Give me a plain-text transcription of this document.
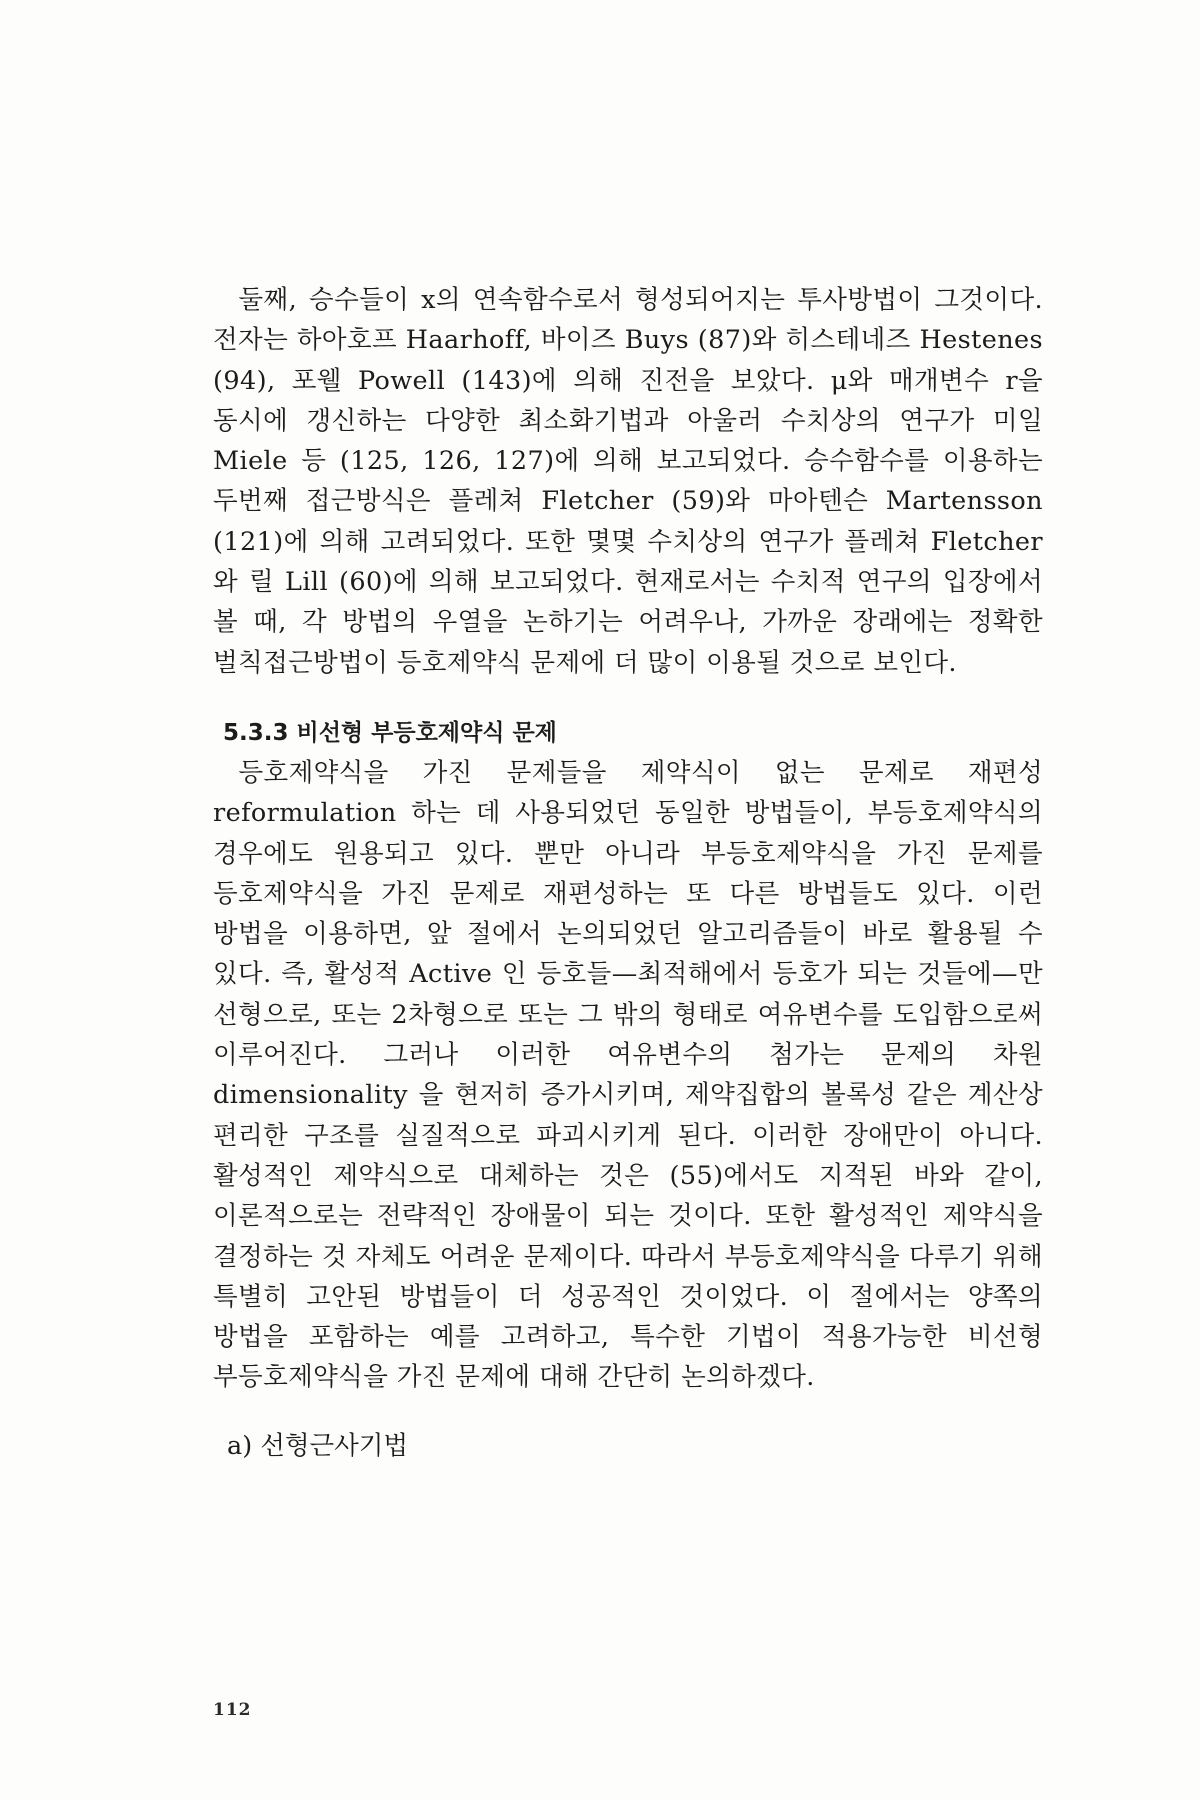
둘째, 승수들이 x의 연속함수로서 형성되어지는 투사방법이 그것이다. 전자는 하아호프 Haarhoff, 바이즈 Buys (87)와 히스테네즈 Hestenes (94), 포웰 Powell (143)에 의해 진전을 보았다. μ와 매개변수 r을 동시에 갱신하는 다양한 최소화기법과 아울러 수치상의 연구가 미일 Miele 등 (125, 126, 127)에 의해 보고되었다. 승수함수를 이용하는 두번째 접근방식은 플레쳐 Fletcher (59)와 마아텐슨 Martensson (121)에 의해 고려되었다. 또한 몇몇 수치상의 연구가 플레쳐 Fletcher 와 릴 Lill (60)에 의해 보고되었다. 현재로서는 수치적 연구의 입장에서 볼 때, 각 방법의 우열을 논하기는 어려우나, 가까운 장래에는 정확한 벌칙접근방법이 등호제약식 문제에 더 많이 이용될 것으로 보인다.

5.3.3 비선형 부등호제약식 문제

등호제약식을 가진 문제들을 제약식이 없는 문제로 재편성 reformulation 하는 데 사용되었던 동일한 방법들이, 부등호제약식의 경우에도 원용되고 있다. 뿐만 아니라 부등호제약식을 가진 문제를 등호제약식을 가진 문제로 재편성하는 또 다른 방법들도 있다. 이런 방법을 이용하면, 앞 절에서 논의되었던 알고리즘들이 바로 활용될 수 있다. 즉, 활성적 Active 인 등호들—최적해에서 등호가 되는 것들에—만 선형으로, 또는 2차형으로 또는 그 밖의 형태로 여유변수를 도입함으로써 이루어진다. 그러나 이러한 여유변수의 첨가는 문제의 차원 dimensionality 을 현저히 증가시키며, 제약집합의 볼록성 같은 계산상 편리한 구조를 실질적으로 파괴시키게 된다. 이러한 장애만이 아니다. 활성적인 제약식으로 대체하는 것은 (55)에서도 지적된 바와 같이, 이론적으로는 전략적인 장애물이 되는 것이다. 또한 활성적인 제약식을 결정하는 것 자체도 어려운 문제이다. 따라서 부등호제약식을 다루기 위해 특별히 고안된 방법들이 더 성공적인 것이었다. 이 절에서는 양쪽의 방법을 포함하는 예를 고려하고, 특수한 기법이 적용가능한 비선형 부등호제약식을 가진 문제에 대해 간단히 논의하겠다.

a) 선형근사기법
112
